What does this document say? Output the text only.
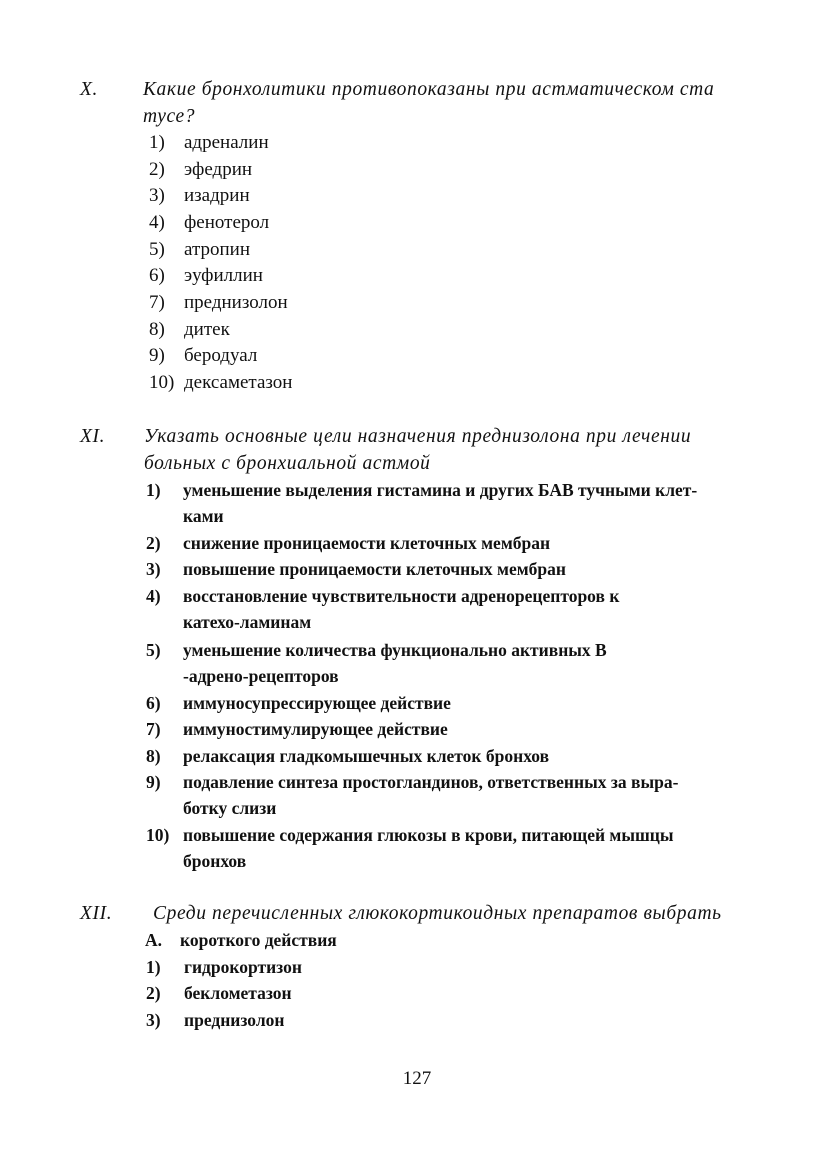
X. Какие бронхолитики противопоказаны при астматическом ста
тусе?
1) адреналин
2) эфедрин
3) изадрин
4) фенотерол
5) атропин
6) эуфиллин
7) преднизолон
8) дитек
9) беродуал
10) дексаметазон
XI. Указать основные цели назначения преднизолона при лечении
больных с бронхиальной астмой
1) уменьшение выделения гистамина и других БАВ тучными клет-
ками
2) снижение проницаемости клеточных мембран
3) повышение проницаемости клеточных мембран
4) восстановление чувствительности адренорецепторов к
катехо-ламинам
5) уменьшение количества функционально активных В
-адрено-рецепторов
6) иммуносупрессирующее действие
7) иммуностимулирующее действие
8) релаксация гладкомышечных клеток бронхов
9) подавление синтеза простогландинов, ответственных за выра-
ботку слизи
10) повышение содержания глюкозы в крови, питающей мышцы
бронхов
XII. Среди перечисленных глюкокортикоидных препаратов выбрать
А. короткого действия
1) гидрокортизон
2) беклометазон
3) преднизолон
127
